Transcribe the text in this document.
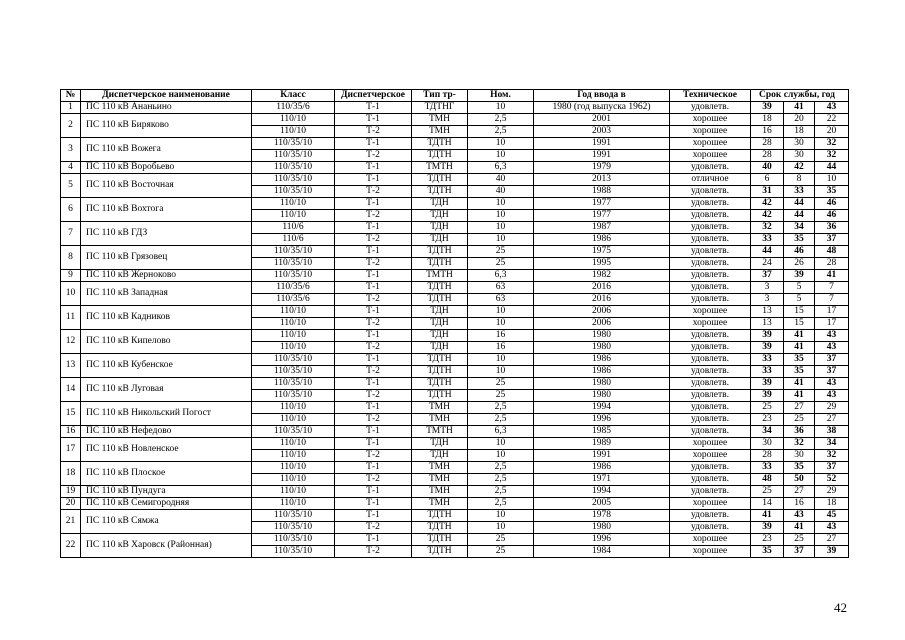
№	Диспетчерское наименование	Класс	Диспетчерское	Тип тр-	Ном.	Год ввода в	Техническое	Срок службы, год		
1	ПС 110 кВ Ананьино	110/35/6	Т-1	ТДТНГ	10	1980 (год выпуска 1962)	удовлетв.	39	41	43
2	ПС 110 кВ Биряково	110/10	Т-1	ТМН	2,5	2001	хорошее	18	20	22
		110/10	Т-2	ТМН	2,5	2003	хорошее	16	18	20
3	ПС 110 кВ Вожега	110/35/10	Т-1	ТДТН	10	1991	хорошее	28	30	32
		110/35/10	Т-2	ТДТН	10	1991	хорошее	28	30	32
4	ПС 110 кВ Воробьево	110/35/10	Т-1	ТМТН	6,3	1979	удовлетв.	40	42	44
5	ПС 110 кВ Восточная	110/35/10	Т-1	ТДТН	40	2013	отличное	6	8	10
		110/35/10	Т-2	ТДТН	40	1988	удовлетв.	31	33	35
6	ПС 110 кВ Вохтога	110/10	Т-1	ТДН	10	1977	удовлетв.	42	44	46
		110/10	Т-2	ТДН	10	1977	удовлетв.	42	44	46
7	ПС 110 кВ ГДЗ	110/6	Т-1	ТДН	10	1987	удовлетв.	32	34	36
		110/6	Т-2	ТДН	10	1986	удовлетв.	33	35	37
8	ПС 110 кВ Грязовец	110/35/10	Т-1	ТДТН	25	1975	удовлетв.	44	46	48
		110/35/10	Т-2	ТДТН	25	1995	удовлетв.	24	26	28
9	ПС 110 кВ Жерноково	110/35/10	Т-1	ТМТН	6,3	1982	удовлетв.	37	39	41
10	ПС 110 кВ Западная	110/35/6	Т-1	ТДТН	63	2016	удовлетв.	3	5	7
		110/35/6	Т-2	ТДТН	63	2016	удовлетв.	3	5	7
11	ПС 110 кВ Кадников	110/10	Т-1	ТДН	10	2006	хорошее	13	15	17
		110/10	Т-2	ТДН	10	2006	хорошее	13	15	17
12	ПС 110 кВ Кипелово	110/10	Т-1	ТДН	16	1980	удовлетв.	39	41	43
		110/10	Т-2	ТДН	16	1980	удовлетв.	39	41	43
13	ПС 110 кВ Кубенское	110/35/10	Т-1	ТДТН	10	1986	удовлетв.	33	35	37
		110/35/10	Т-2	ТДТН	10	1986	удовлетв.	33	35	37
14	ПС 110 кВ Луговая	110/35/10	Т-1	ТДТН	25	1980	удовлетв.	39	41	43
		110/35/10	Т-2	ТДТН	25	1980	удовлетв.	39	41	43
15	ПС 110 кВ Никольский Погост	110/10	Т-1	ТМН	2,5	1994	удовлетв.	25	27	29
		110/10	Т-2	ТМН	2,5	1996	удовлетв.	23	25	27
16	ПС 110 кВ Нефедово	110/35/10	Т-1	ТМТН	6,3	1985	удовлетв.	34	36	38
17	ПС 110 кВ Новленское	110/10	Т-1	ТДН	10	1989	хорошее	30	32	34
		110/10	Т-2	ТДН	10	1991	хорошее	28	30	32
18	ПС 110 кВ Плоское	110/10	Т-1	ТМН	2,5	1986	удовлетв.	33	35	37
		110/10	Т-2	ТМН	2,5	1971	удовлетв.	48	50	52
19	ПС 110 кВ Пундуга	110/10	Т-1	ТМН	2,5	1994	удовлетв.	25	27	29
20	ПС 110 кВ Семигородняя	110/10	Т-1	ТМН	2,5	2005	хорошее	14	16	18
21	ПС 110 кВ Сямжа	110/35/10	Т-1	ТДТН	10	1978	удовлетв.	41	43	45
		110/35/10	Т-2	ТДТН	10	1980	удовлетв.	39	41	43
22	ПС 110 кВ Харовск (Районная)	110/35/10	Т-1	ТДТН	25	1996	хорошее	23	25	27
		110/35/10	Т-2	ТДТН	25	1984	хорошее	35	37	39
42
